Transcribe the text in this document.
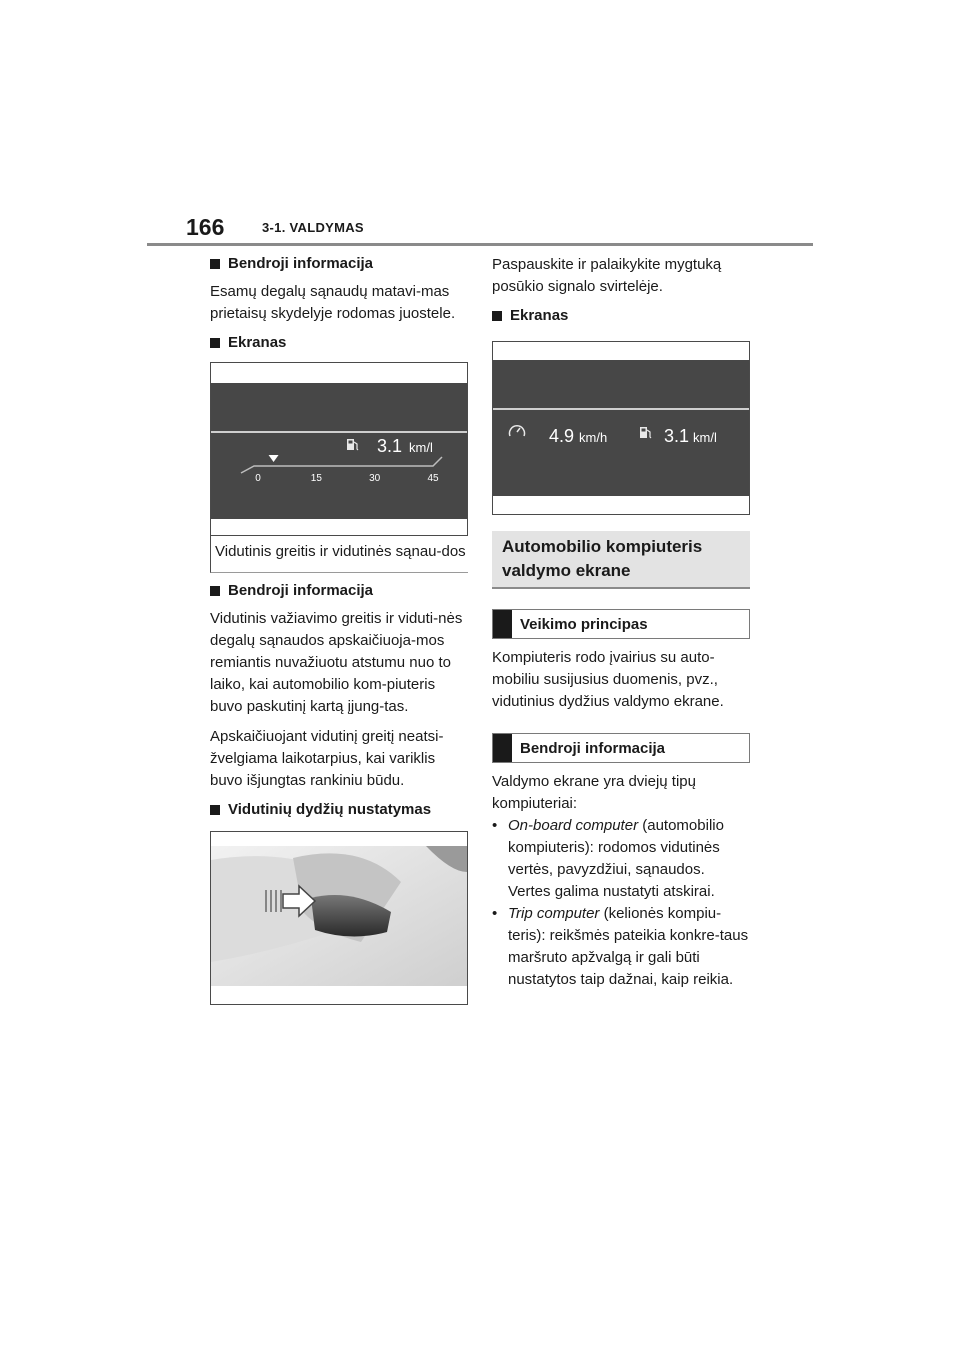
166	3-1. VALDYMAS
Bendroji informacija
Esamų degalų sąnaudų matavi-mas prietaisų skydelyje rodomas juostele.
Ekranas
3.1 km/l
0	15	30	45
Vidutinis greitis ir vidutinės sąnau-dos
Bendroji informacija
Vidutinis važiavimo greitis ir viduti-nės degalų sąnaudos apskaičiuoja-mos remiantis nuvažiuotu atstumu nuo to laiko, kai automobilio kom-piuteris buvo paskutinį kartą įjung-tas.
Apskaičiuojant vidutinį greitį neatsi-žvelgiama laikotarpius, kai variklis buvo išjungtas rankiniu būdu.
Vidutinių dydžių nustatymas
Paspauskite ir palaikykite mygtuką posūkio signalo svirtelėje.
Ekranas
4.9 km/h	3.1 km/l
Automobilio kompiuteris valdymo ekrane
Veikimo principas
Kompiuteris rodo įvairius su auto-mobiliu susijusius duomenis, pvz., vidutinius dydžius valdymo ekrane.
Bendroji informacija
Valdymo ekrane yra dviejų tipų kompiuteriai:
• On-board computer (automobilio kompiuteris): rodomos vidutinės vertės, pavyzdžiui, sąnaudos. Vertes galima nustatyti atskirai.
• Trip computer (kelionės kompiu-teris): reikšmės pateikia konkre-taus maršruto apžvalgą ir gali būti nustatytos taip dažnai, kaip reikia.
